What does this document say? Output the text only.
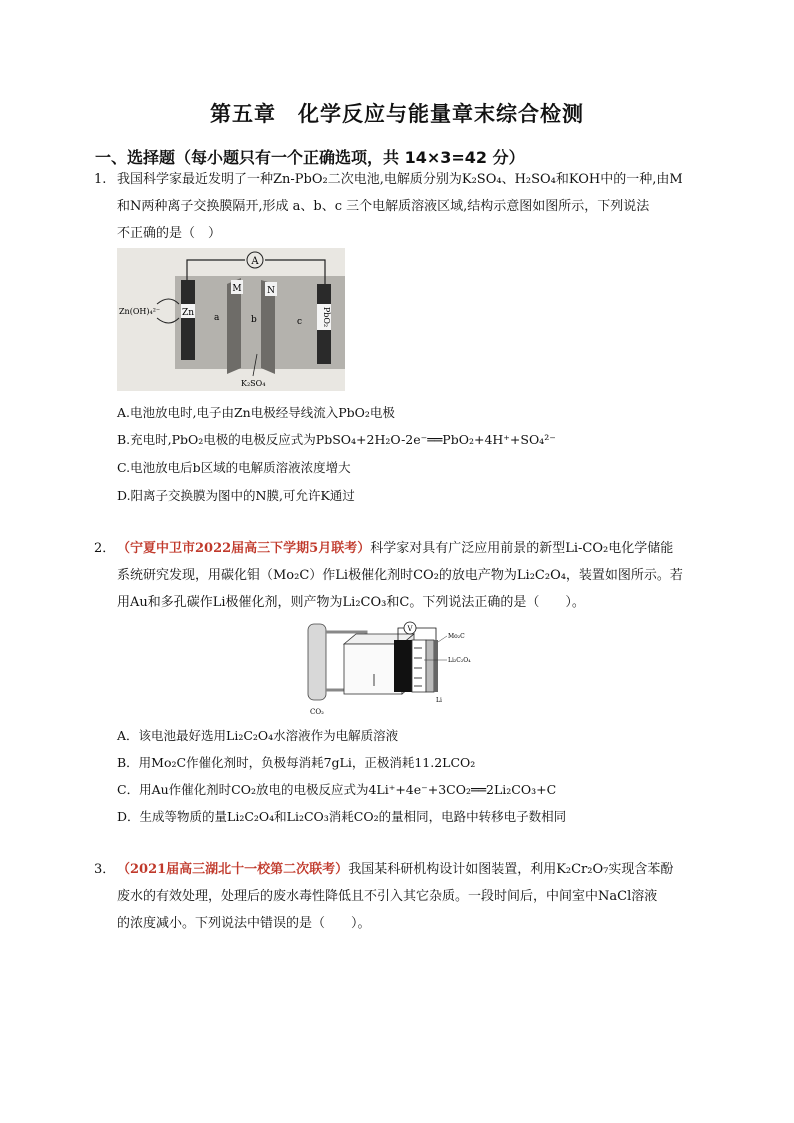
第五章　化学反应与能量章末综合检测
一、选择题（每小题只有一个正确选项，共 14×3=42 分）
1. 我国科学家最近发明了一种Zn-PbO₂二次电池,电解质分别为K₂SO₄、H₂SO₄和KOH中的一种,由M
和N两种离子交换膜隔开,形成 a、b、c 三个电解质溶液区域,结构示意图如图所示，下列说法
不正确的是（　）
A
Zn
M	N
PbO₂
a	b	c
Zn(OH)₄²⁻
K₂SO₄
A.电池放电时,电子由Zn电极经导线流入PbO₂电极
B.充电时,PbO₂电极的电极反应式为PbSO₄+2H₂O-2e⁻══PbO₂+4H⁺+SO₄²⁻
C.电池放电后b区域的电解质溶液浓度增大
D.阳离子交换膜为图中的N膜,可允许K通过
2． （宁夏中卫市2022届高三下学期5月联考）科学家对具有广泛应用前景的新型Li-CO₂电化学储能
系统研究发现，用碳化钼（Mo₂C）作Li极催化剂时CO₂的放电产物为Li₂C₂O₄，装置如图所示。若
用Au和多孔碳作Li极催化剂，则产物为Li₂CO₃和C。下列说法正确的是（　　）。
CO₂
V
Mo₂C
Li₂C₂O₄
Li
A．该电池最好选用Li₂C₂O₄水溶液作为电解质溶液
B．用Mo₂C作催化剂时，负极每消耗7gLi，正极消耗11.2LCO₂
C．用Au作催化剂时CO₂放电的电极反应式为4Li⁺+4e⁻+3CO₂══2Li₂CO₃+C
D．生成等物质的量Li₂C₂O₄和Li₂CO₃消耗CO₂的量相同，电路中转移电子数相同
3． （2021届高三湖北十一校第二次联考）我国某科研机构设计如图装置，利用K₂Cr₂O₇实现含苯酚
废水的有效处理，处理后的废水毒性降低且不引入其它杂质。一段时间后，中间室中NaCl溶液
的浓度减小。下列说法中错误的是（　　）。
